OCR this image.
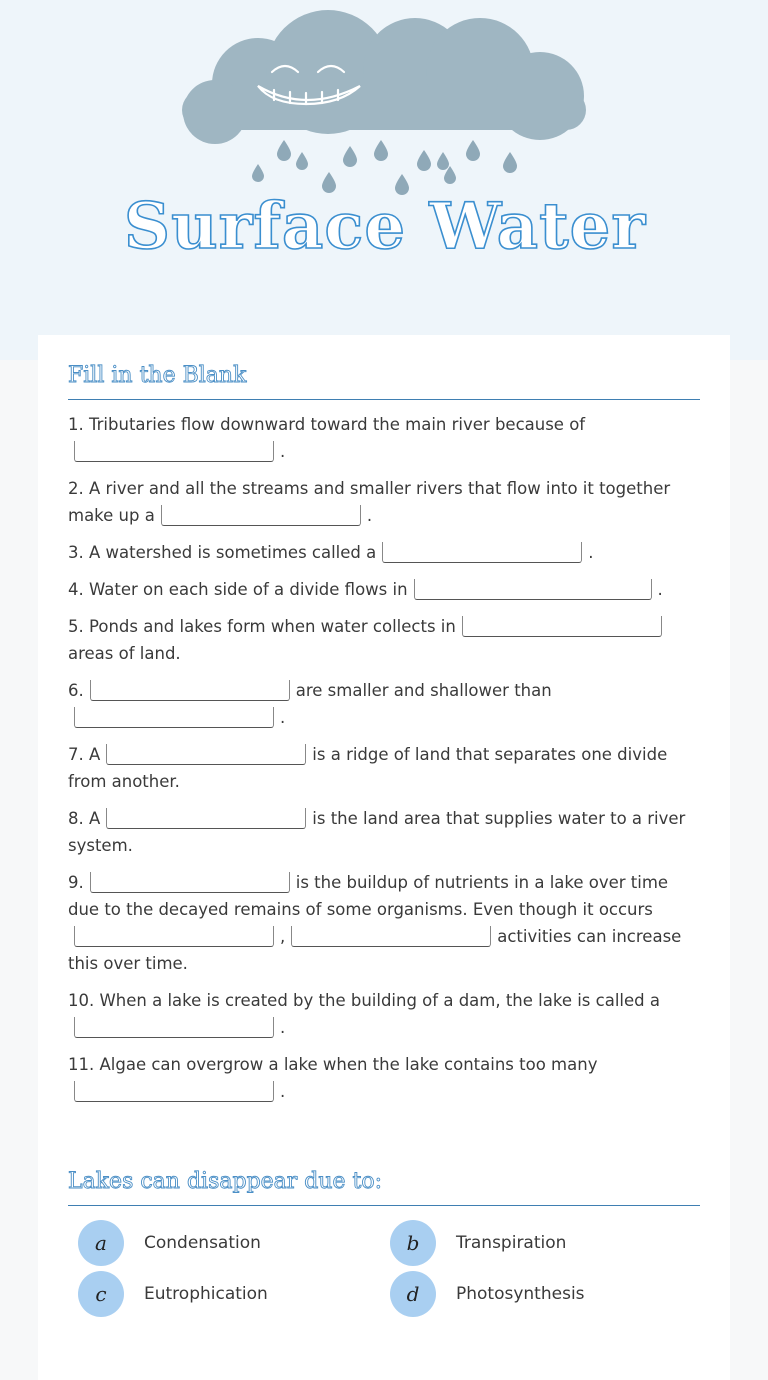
Surface Water
Fill in the Blank

1. Tributaries flow downward toward the main river because of
.

2. A river and all the streams and smaller rivers that flow into it together make up a	.

3. A watershed is sometimes called a	.

4. Water on each side of a divide flows in	.

5. Ponds and lakes form when water collects in
areas of land.

6.	are smaller and shallower than
.

7. A	is a ridge of land that separates one divide from another.

8. A	is the land area that supplies water to a river system.

9.	is the buildup of nutrients in a lake over time due to the decayed remains of some organisms. Even though it occurs
,	activities can increase this over time.

10. When a lake is created by the building of a dam, the lake is called a
.

11. Algae can overgrow a lake when the lake contains too many
.

Lakes can disappear due to:
a	Condensation	b	Transpiration
c	Eutrophication	d	Photosynthesis
